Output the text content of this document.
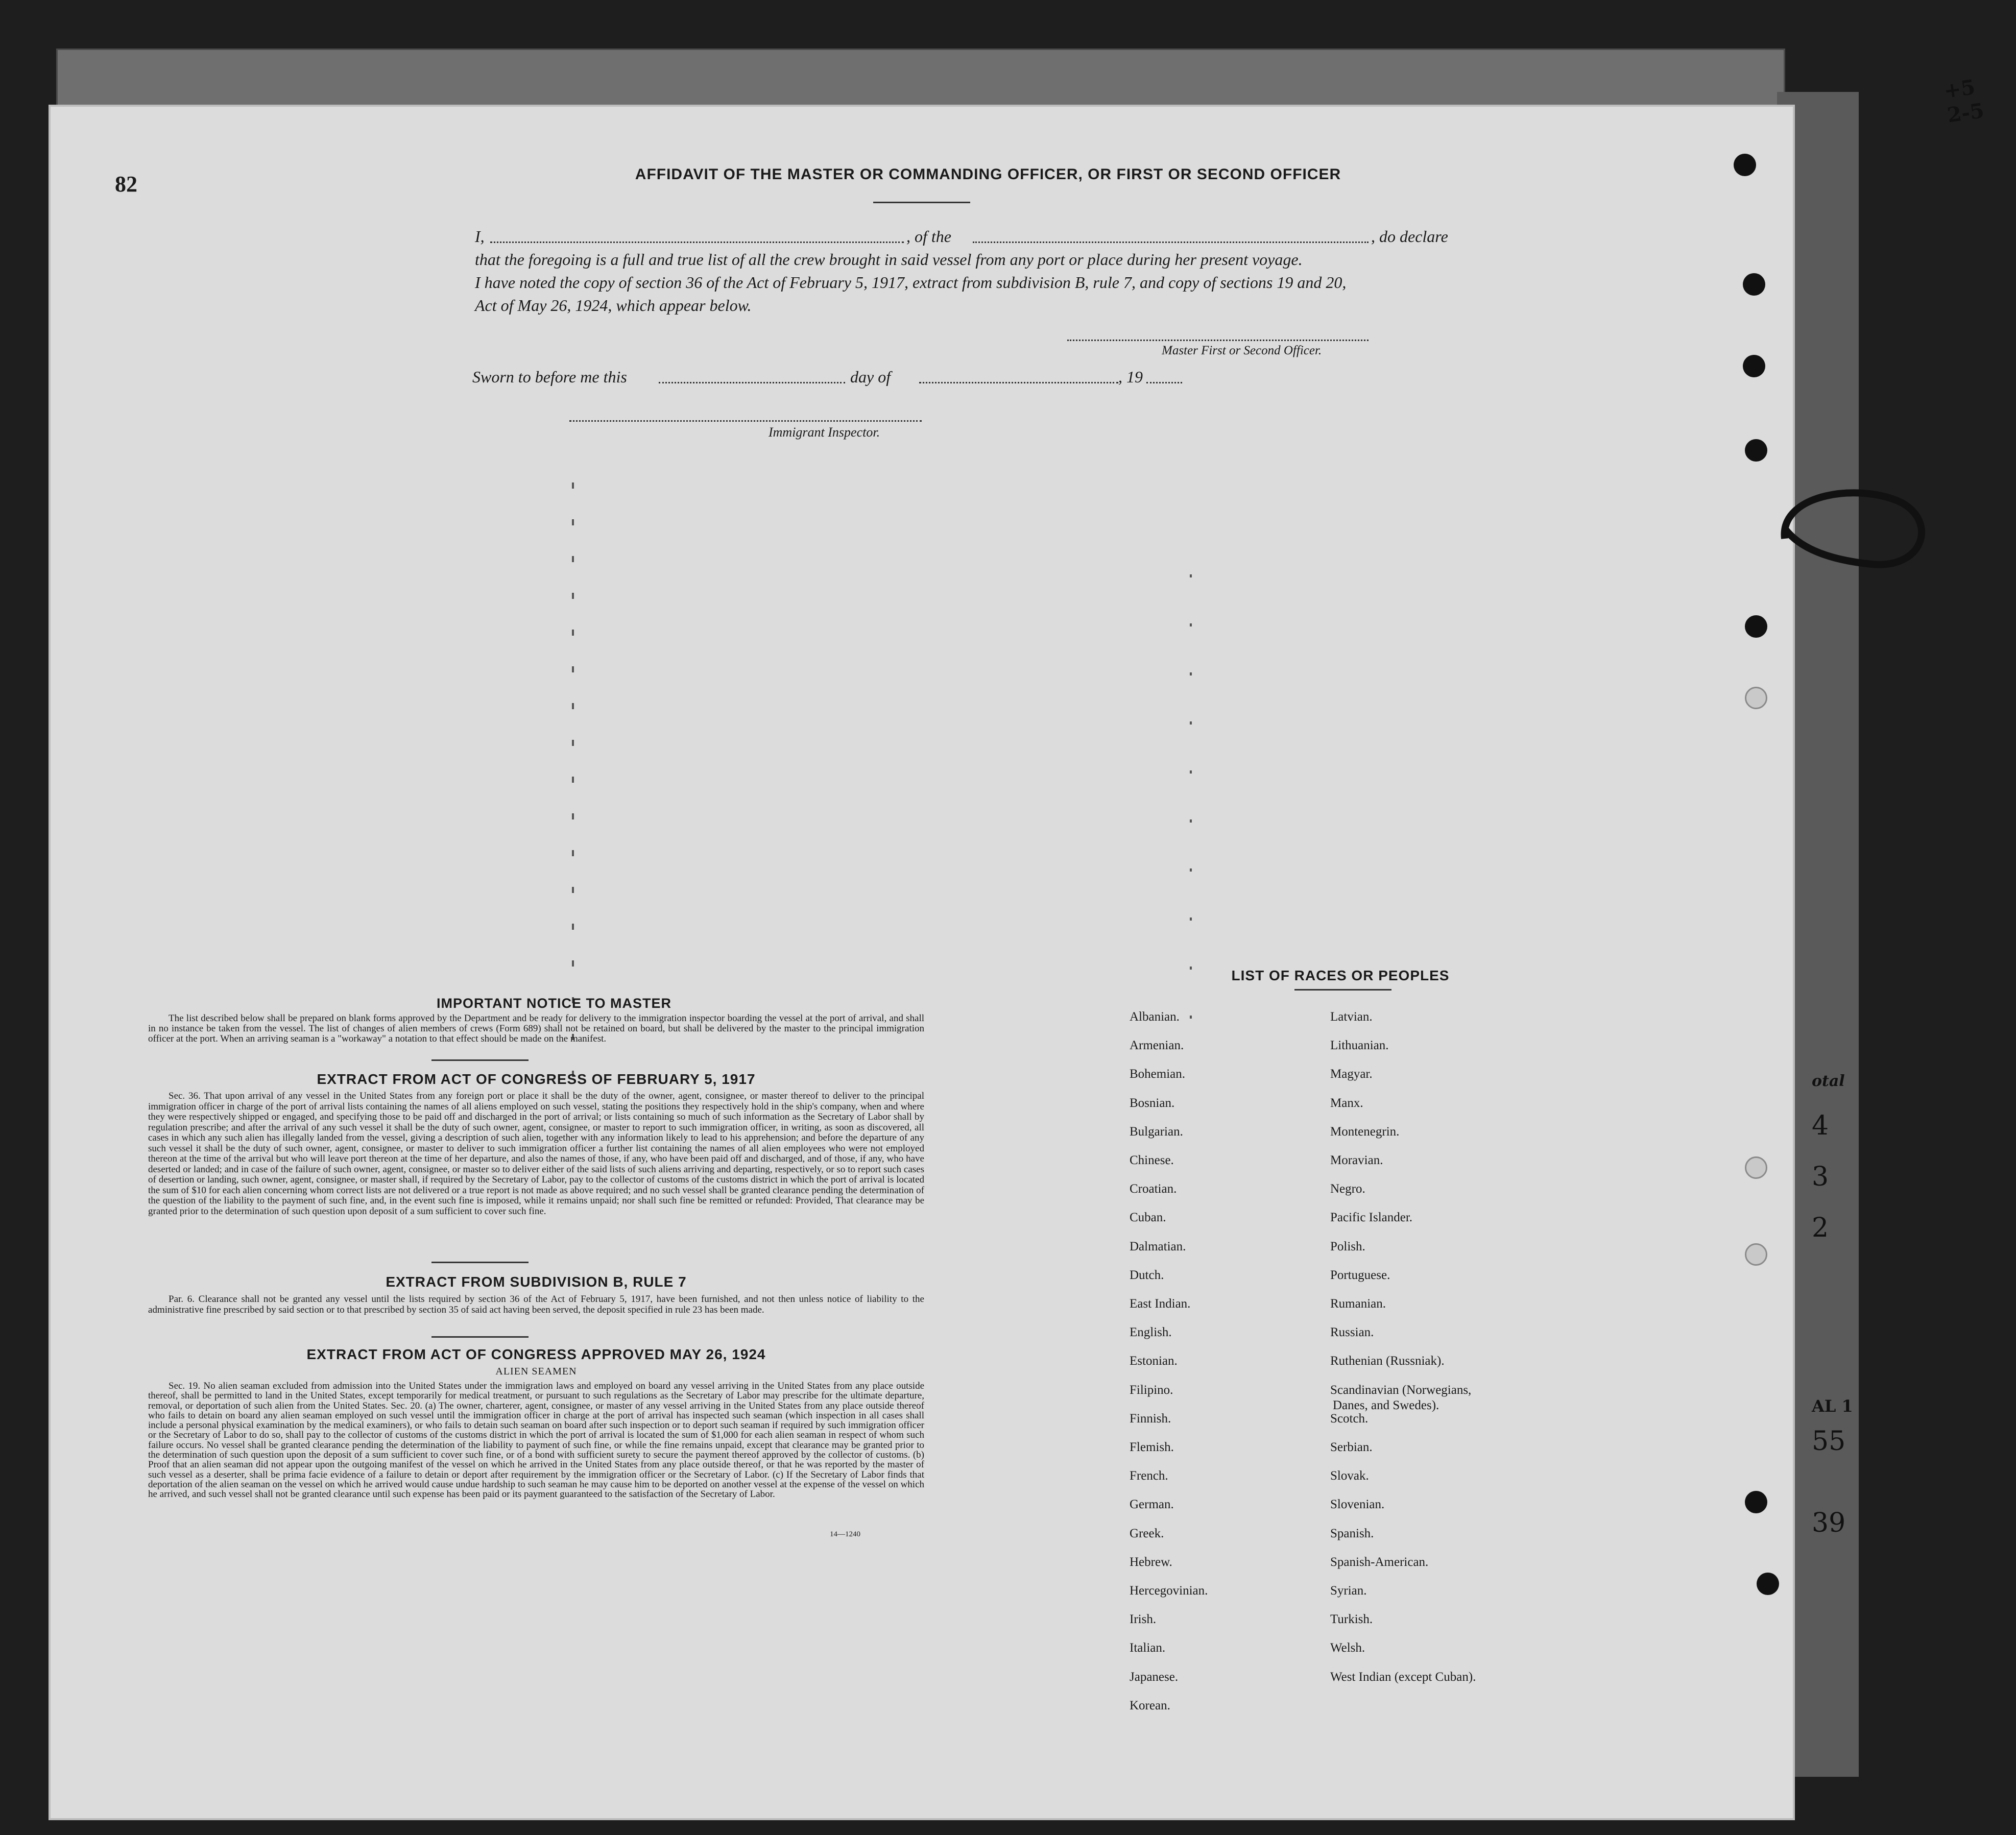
+5
2-5
otal
4
3
2
AL 1
55
39
82	AFFIDAVIT OF THE MASTER OR COMMANDING OFFICER, OR FIRST OR SECOND OFFICER
I,	, of the	, do declare
that the foregoing is a full and true list of all the crew brought in said vessel from any port or place during her present voyage.
I have noted the copy of section 36 of the Act of February 5, 1917, extract from subdivision B, rule 7, and copy of sections 19 and 20,
Act of May 26, 1924, which appear below.
Master First or Second Officer.
Sworn to before me this	day of	, 19
Immigrant Inspector.
IMPORTANT NOTICE TO MASTER
The list described below shall be prepared on blank forms approved by the Department and be ready for delivery to the immigration inspector boarding the vessel at the port of arrival, and shall in no instance be taken from the vessel. The list of changes of alien members of crews (Form 689) shall not be retained on board, but shall be delivered by the master to the principal immigration officer at the port. When an arriving seaman is a "workaway" a notation to that effect should be made on the manifest.
EXTRACT FROM ACT OF CONGRESS OF FEBRUARY 5, 1917
Sec. 36. That upon arrival of any vessel in the United States from any foreign port or place it shall be the duty of the owner, agent, consignee, or master thereof to deliver to the principal immigration officer in charge of the port of arrival lists containing the names of all aliens employed on such vessel, stating the positions they respectively hold in the ship's company, when and where they were respectively shipped or engaged, and specifying those to be paid off and discharged in the port of arrival; or lists containing so much of such information as the Secretary of Labor shall by regulation prescribe; and after the arrival of any such vessel it shall be the duty of such owner, agent, consignee, or master to report to such immigration officer, in writing, as soon as discovered, all cases in which any such alien has illegally landed from the vessel, giving a description of such alien, together with any information likely to lead to his apprehension; and before the departure of any such vessel it shall be the duty of such owner, agent, consignee, or master to deliver to such immigration officer a further list containing the names of all alien employees who were not employed thereon at the time of the arrival but who will leave port thereon at the time of her departure, and also the names of those, if any, who have been paid off and discharged, and of those, if any, who have deserted or landed; and in case of the failure of such owner, agent, consignee, or master so to deliver either of the said lists of such aliens arriving and departing, respectively, or so to report such cases of desertion or landing, such owner, agent, consignee, or master shall, if required by the Secretary of Labor, pay to the collector of customs of the customs district in which the port of arrival is located the sum of $10 for each alien concerning whom correct lists are not delivered or a true report is not made as above required; and no such vessel shall be granted clearance pending the determination of the question of the liability to the payment of such fine, and, in the event such fine is imposed, while it remains unpaid; nor shall such fine be remitted or refunded: Provided, That clearance may be granted prior to the determination of such question upon deposit of a sum sufficient to cover such fine.
EXTRACT FROM SUBDIVISION B, RULE 7
Par. 6. Clearance shall not be granted any vessel until the lists required by section 36 of the Act of February 5, 1917, have been furnished, and not then unless notice of liability to the administrative fine prescribed by said section or to that prescribed by section 35 of said act having been served, the deposit specified in rule 23 has been made.
EXTRACT FROM ACT OF CONGRESS APPROVED MAY 26, 1924
ALIEN SEAMEN
Sec. 19. No alien seaman excluded from admission into the United States under the immigration laws and employed on board any vessel arriving in the United States from any place outside thereof, shall be permitted to land in the United States, except temporarily for medical treatment, or pursuant to such regulations as the Secretary of Labor may prescribe for the ultimate departure, removal, or deportation of such alien from the United States. Sec. 20. (a) The owner, charterer, agent, consignee, or master of any vessel arriving in the United States from any place outside thereof who fails to detain on board any alien seaman employed on such vessel until the immigration officer in charge at the port of arrival has inspected such seaman (which inspection in all cases shall include a personal physical examination by the medical examiners), or who fails to detain such seaman on board after such inspection or to deport such seaman if required by such immigration officer or the Secretary of Labor to do so, shall pay to the collector of customs of the customs district in which the port of arrival is located the sum of $1,000 for each alien seaman in respect of whom such failure occurs. No vessel shall be granted clearance pending the determination of the liability to payment of such fine, or while the fine remains unpaid, except that clearance may be granted prior to the determination of such question upon the deposit of a sum sufficient to cover such fine, or of a bond with sufficient surety to secure the payment thereof approved by the collector of customs. (b) Proof that an alien seaman did not appear upon the outgoing manifest of the vessel on which he arrived in the United States from any place outside thereof, or that he was reported by the master of such vessel as a deserter, shall be prima facie evidence of a failure to detain or deport after requirement by the immigration officer or the Secretary of Labor. (c) If the Secretary of Labor finds that deportation of the alien seaman on the vessel on which he arrived would cause undue hardship to such seaman he may cause him to be deported on another vessel at the expense of the vessel on which he arrived, and such vessel shall not be granted clearance until such expense has been paid or its payment guaranteed to the satisfaction of the Secretary of Labor.
14—1240
LIST OF RACES OR PEOPLES
Albanian.
Armenian.
Bohemian.
Bosnian.
Bulgarian.
Chinese.
Croatian.
Cuban.
Dalmatian.
Dutch.
East Indian.
English.
Estonian.
Filipino.
Finnish.
Flemish.
French.
German.
Greek.
Hebrew.
Hercegovinian.
Irish.
Italian.
Japanese.
Korean.
Latvian.
Lithuanian.
Magyar.
Manx.
Montenegrin.
Moravian.
Negro.
Pacific Islander.
Polish.
Portuguese.
Rumanian.
Russian.
Ruthenian (Russniak).
Scandinavian (Norwegians,
Danes, and Swedes).
Scotch.
Serbian.
Slovak.
Slovenian.
Spanish.
Spanish-American.
Syrian.
Turkish.
Welsh.
West Indian (except Cuban).
